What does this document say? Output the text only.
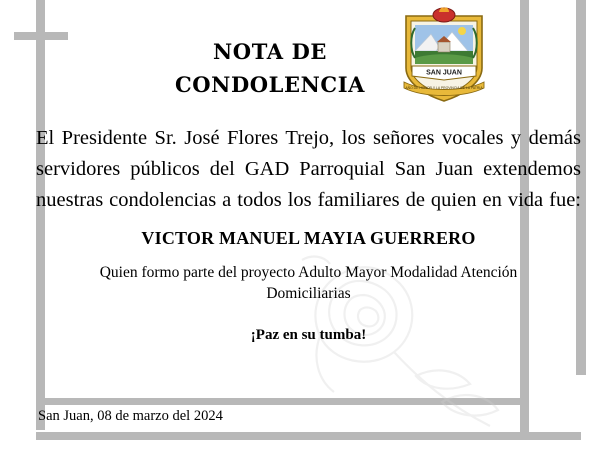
NOTA DE
CONDOLENCIA	SAN JUAN
AÑO DE HONOR Y LA PROVINCIA DE LA PATRIA

El Presidente Sr. José Flores Trejo, los señores vocales y demás servidores públicos del GAD Parroquial San Juan extendemos nuestras condolencias a todos los familiares de quien en vida fue:

VICTOR MANUEL MAYIA GUERRERO

Quien formo parte del proyecto Adulto Mayor Modalidad Atención Domiciliarias

¡Paz en su tumba!

San Juan, 08 de marzo del 2024
